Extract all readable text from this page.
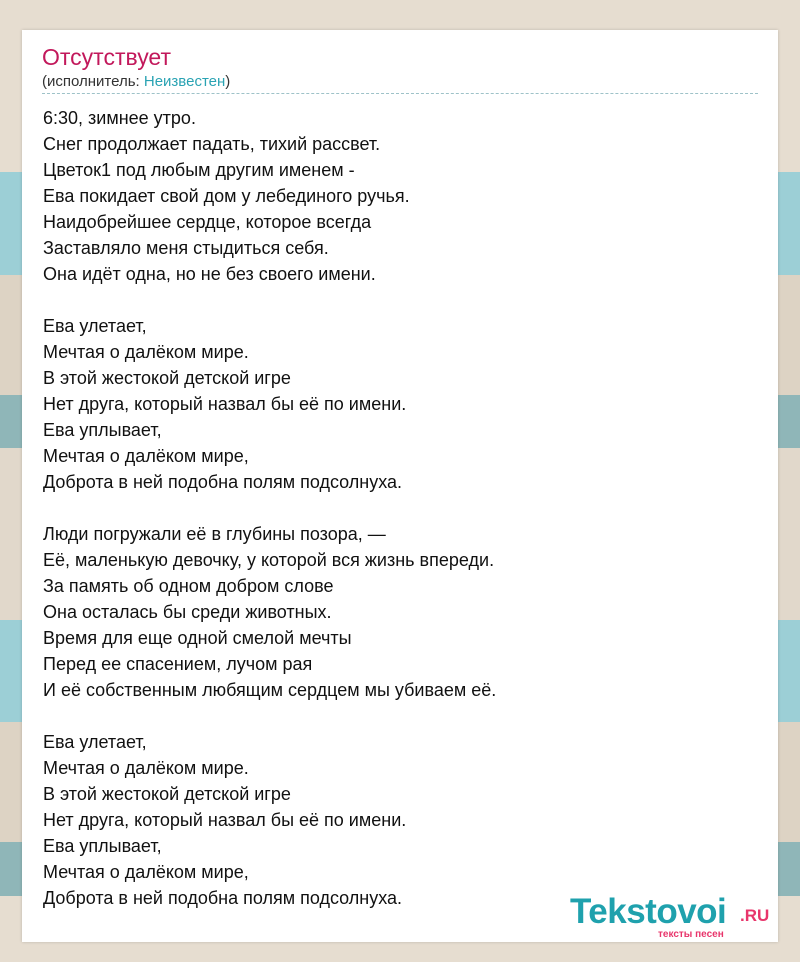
Отсутствует
(исполнитель: Неизвестен)
6:30, зимнее утро.
Снег продолжает падать, тихий рассвет.
Цветок1 под любым другим именем -
Ева покидает свой дом у лебединого ручья.
Наидобрейшее сердце, которое всегда
Заставляло меня стыдиться себя.
Она идёт одна, но не без своего имени.
Ева улетает,
Мечтая о далёком мире.
В этой жестокой детской игре
Нет друга, который назвал бы её по имени.
Ева уплывает,
Мечтая о далёком мире,
Доброта в ней подобна полям подсолнуха.
Люди погружали её в глубины позора, —
Её, маленькую девочку, у которой вся жизнь впереди.
За память об одном добром слове
Она осталась бы среди животных.
Время для еще одной смелой мечты
Перед ее спасением, лучом рая
И её собственным любящим сердцем мы убиваем её.
Ева улетает,
Мечтая о далёком мире.
В этой жестокой детской игре
Нет друга, который назвал бы её по имени.
Ева уплывает,
Мечтая о далёком мире,
Доброта в ней подобна полям подсолнуха.	Tekstovoi .RU
тексты песен
